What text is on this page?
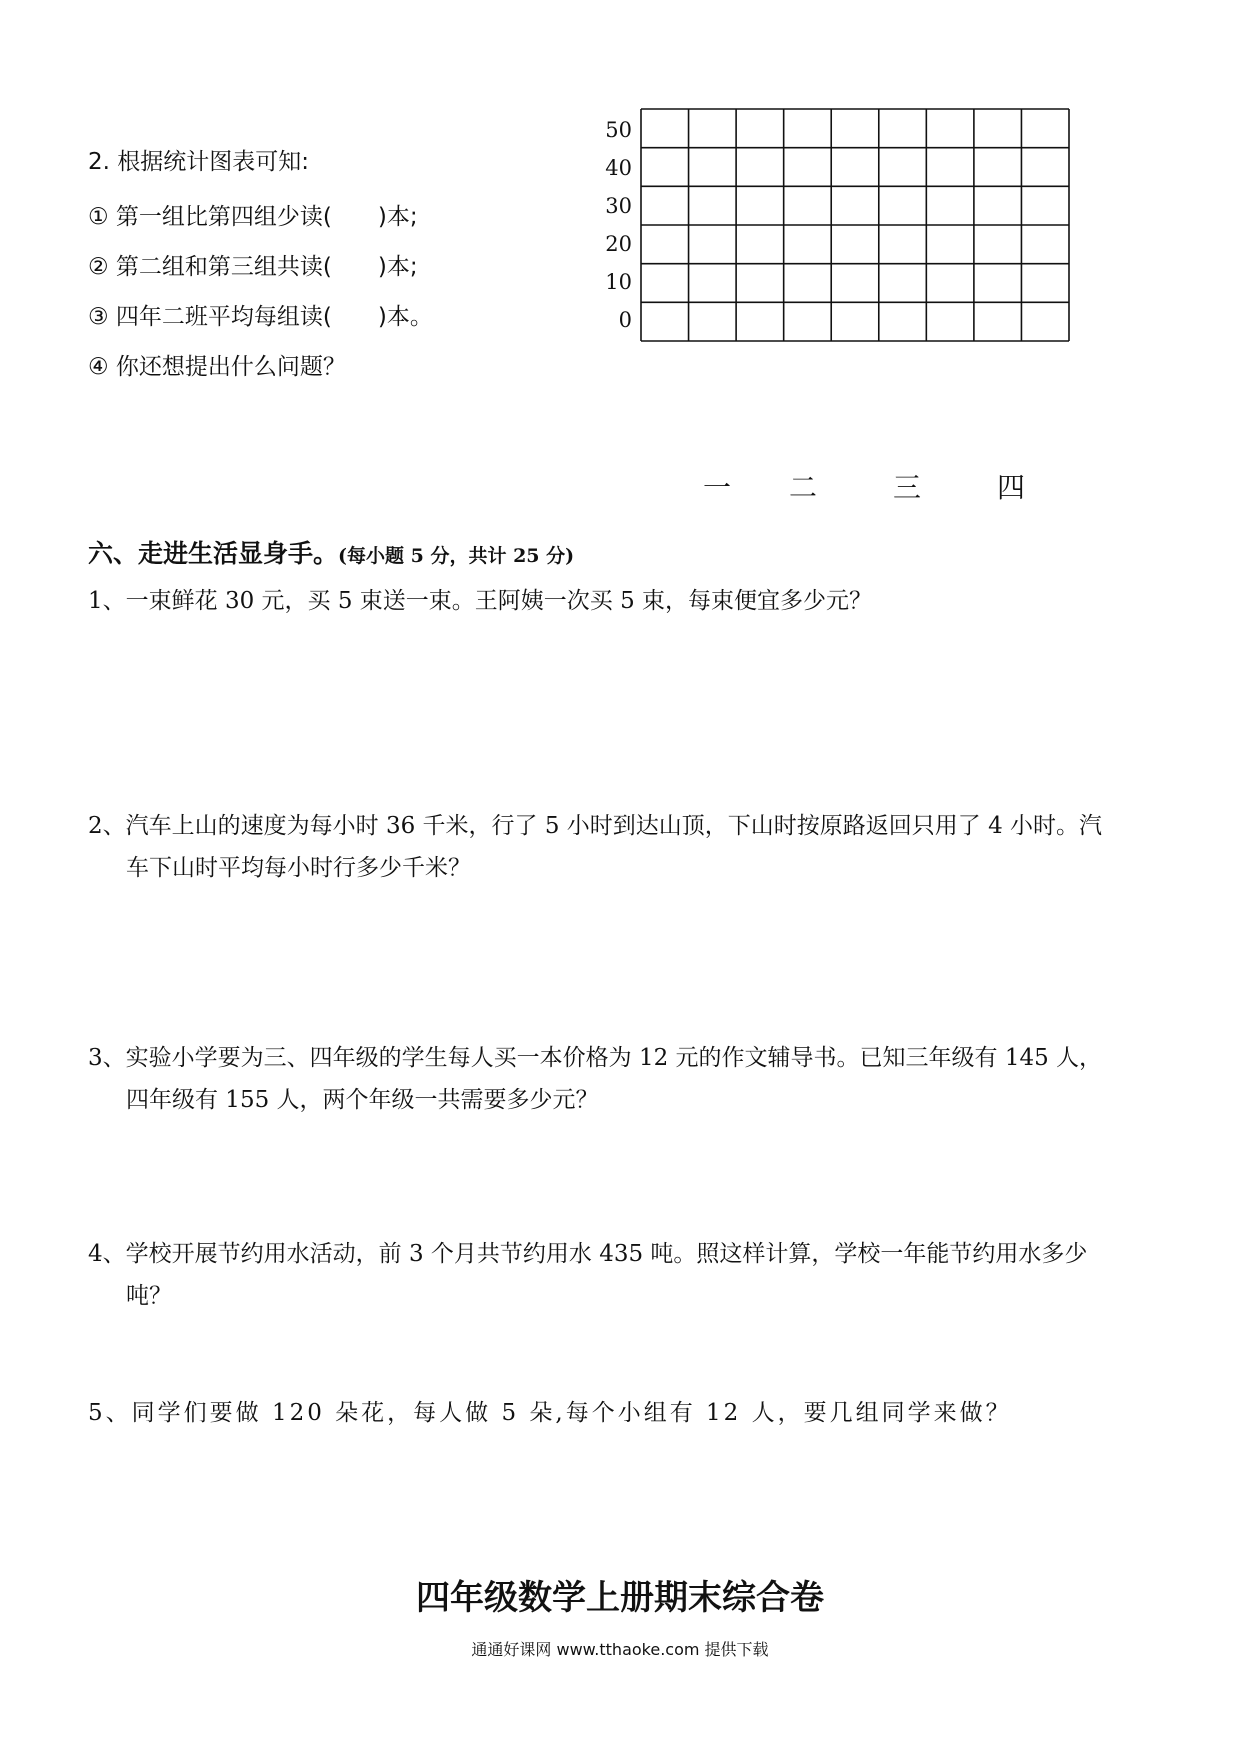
2. 根据统计图表可知:
① 第一组比第四组少读(　　)本;
② 第二组和第三组共读(　　)本;
③ 四年二班平均每组读(　　)本。
④ 你还想提出什么问题？
50
40
30
20
10
0
一 二	三	四
六、走进生活显身手。(每小题 5 分，共计 25 分)
1、一束鲜花 30 元，买 5 束送一束。王阿姨一次买 5 束，每束便宜多少元？
2、汽车上山的速度为每小时 36 千米，行了 5 小时到达山顶，下山时按原路返回只用了 4 小时。汽
车下山时平均每小时行多少千米？
3、实验小学要为三、四年级的学生每人买一本价格为 12 元的作文辅导书。已知三年级有 145 人，
四年级有 155 人，两个年级一共需要多少元？
4、学校开展节约用水活动，前 3 个月共节约用水 435 吨。照这样计算，学校一年能节约用水多少
吨？
5、同学们要做 120 朵花，每人做 5 朵,每个小组有 12 人，要几组同学来做？
四年级数学上册期末综合卷
通通好课网 www.tthaoke.com 提供下载
